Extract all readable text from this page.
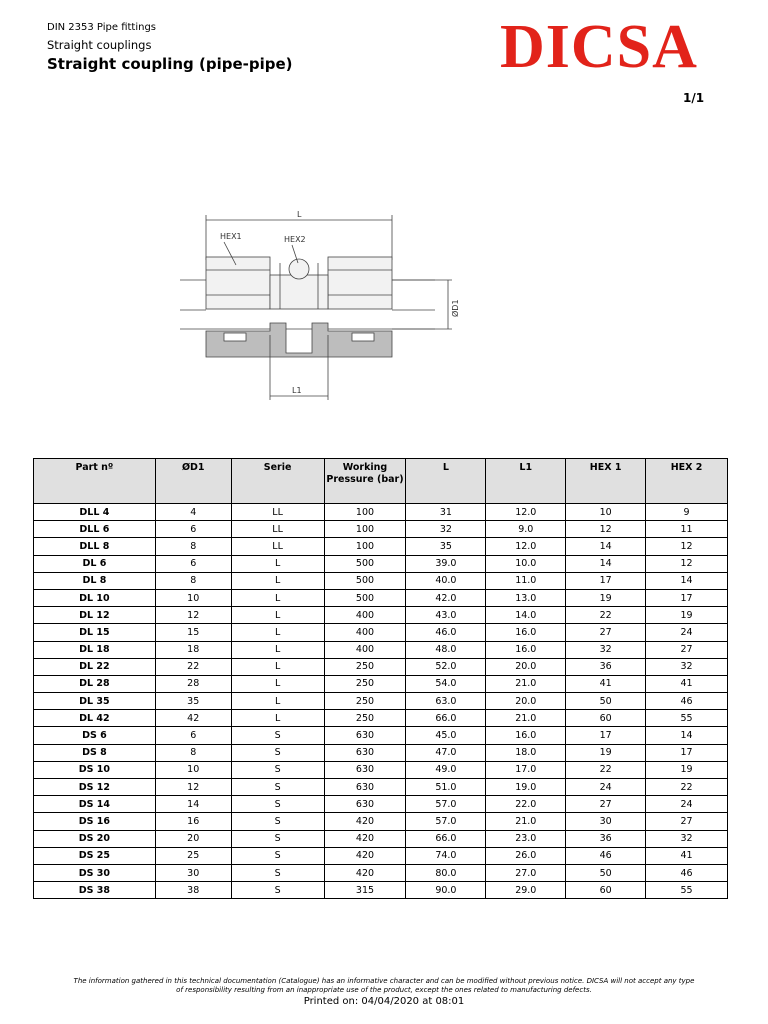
DIN 2353 Pipe fittings
Straight couplings
Straight coupling (pipe-pipe)	DICSA
1/1
L
HEX1	HEX2
L1
ØD1
Part nº	ØD1	Serie	Working Pressure (bar)	L	L1	HEX 1	HEX 2
DLL 4	4	LL	100	31	12.0	10	9
DLL 6	6	LL	100	32	9.0	12	11
DLL 8	8	LL	100	35	12.0	14	12
DL 6	6	L	500	39.0	10.0	14	12
DL 8	8	L	500	40.0	11.0	17	14
DL 10	10	L	500	42.0	13.0	19	17
DL 12	12	L	400	43.0	14.0	22	19
DL 15	15	L	400	46.0	16.0	27	24
DL 18	18	L	400	48.0	16.0	32	27
DL 22	22	L	250	52.0	20.0	36	32
DL 28	28	L	250	54.0	21.0	41	41
DL 35	35	L	250	63.0	20.0	50	46
DL 42	42	L	250	66.0	21.0	60	55
DS 6	6	S	630	45.0	16.0	17	14
DS 8	8	S	630	47.0	18.0	19	17
DS 10	10	S	630	49.0	17.0	22	19
DS 12	12	S	630	51.0	19.0	24	22
DS 14	14	S	630	57.0	22.0	27	24
DS 16	16	S	420	57.0	21.0	30	27
DS 20	20	S	420	66.0	23.0	36	32
DS 25	25	S	420	74.0	26.0	46	41
DS 30	30	S	420	80.0	27.0	50	46
DS 38	38	S	315	90.0	29.0	60	55
The information gathered in this technical documentation (Catalogue) has an informative character and can be modified without previous notice. DICSA will not accept any type
of responsibility resulting from an inappropriate use of the product, except the ones related to manufacturing defects.
Printed on: 04/04/2020 at 08:01
